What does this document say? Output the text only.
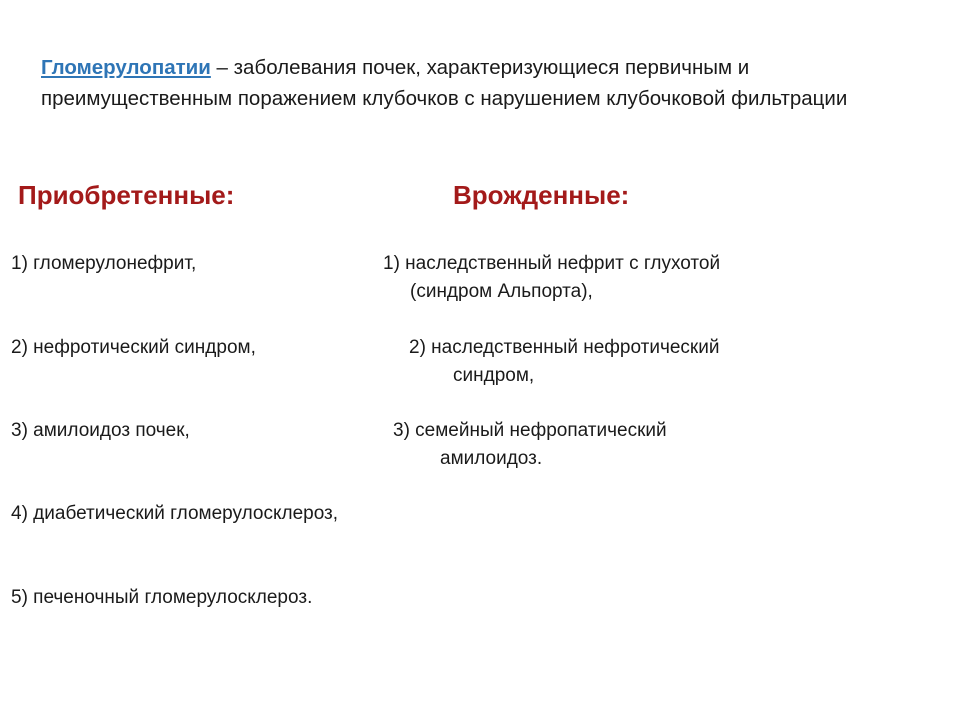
Гломерулопатии – заболевания почек, характеризующиеся первичным и преимущественным поражением клубочков с нарушением клубочковой фильтрации
Приобретенные:	Врожденные:
1) гломерулонефрит,
2) нефротический синдром,
3) амилоидоз почек,
4) диабетический гломерулосклероз,
5) печеночный гломерулосклероз.
1) наследственный нефрит с глухотой
(синдром Альпорта),
2) наследственный нефротический
синдром,
3) семейный нефропатический
амилоидоз.
